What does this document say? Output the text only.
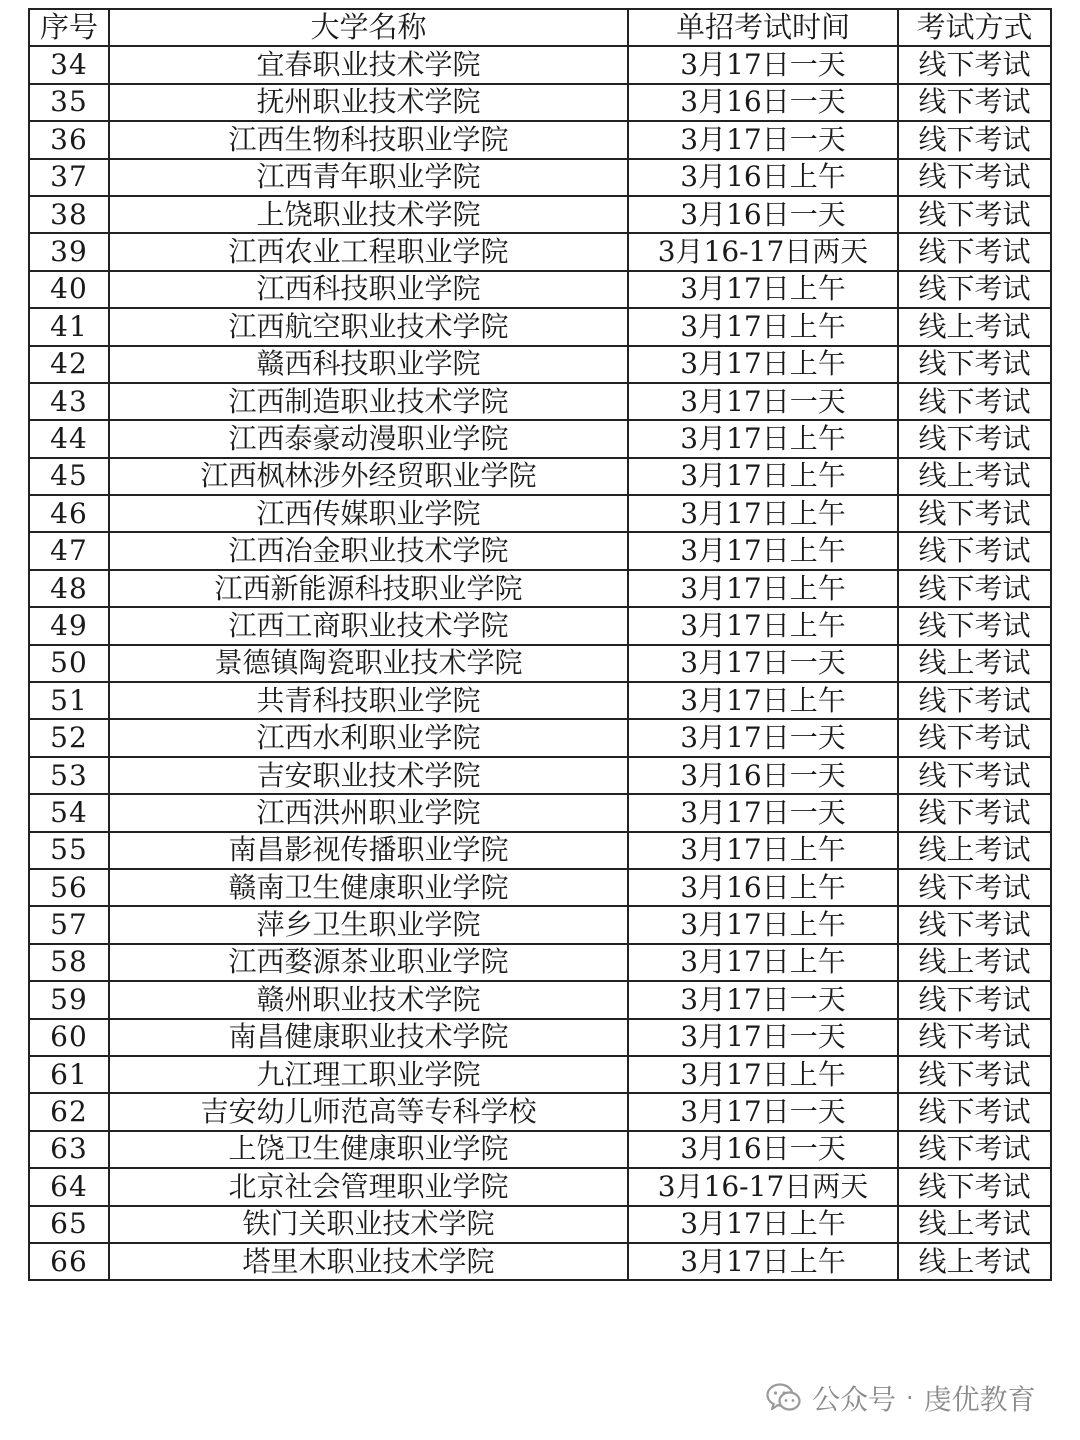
序号	大学名称	单招考试时间	考试方式
34	宜春职业技术学院	3月17日一天	线下考试
35	抚州职业技术学院	3月16日一天	线下考试
36	江西生物科技职业学院	3月17日一天	线下考试
37	江西青年职业学院	3月16日上午	线下考试
38	上饶职业技术学院	3月16日一天	线下考试
39	江西农业工程职业学院	3月16-17日两天	线下考试
40	江西科技职业学院	3月17日上午	线下考试
41	江西航空职业技术学院	3月17日上午	线上考试
42	赣西科技职业学院	3月17日上午	线下考试
43	江西制造职业技术学院	3月17日一天	线下考试
44	江西泰豪动漫职业学院	3月17日上午	线下考试
45	江西枫林涉外经贸职业学院	3月17日上午	线上考试
46	江西传媒职业学院	3月17日上午	线下考试
47	江西冶金职业技术学院	3月17日上午	线下考试
48	江西新能源科技职业学院	3月17日上午	线下考试
49	江西工商职业技术学院	3月17日上午	线下考试
50	景德镇陶瓷职业技术学院	3月17日一天	线上考试
51	共青科技职业学院	3月17日上午	线下考试
52	江西水利职业学院	3月17日一天	线下考试
53	吉安职业技术学院	3月16日一天	线下考试
54	江西洪州职业学院	3月17日一天	线下考试
55	南昌影视传播职业学院	3月17日上午	线上考试
56	赣南卫生健康职业学院	3月16日上午	线下考试
57	萍乡卫生职业学院	3月17日上午	线下考试
58	江西婺源茶业职业学院	3月17日上午	线上考试
59	赣州职业技术学院	3月17日一天	线下考试
60	南昌健康职业技术学院	3月17日一天	线下考试
61	九江理工职业学院	3月17日上午	线下考试
62	吉安幼儿师范高等专科学校	3月17日一天	线下考试
63	上饶卫生健康职业学院	3月16日一天	线下考试
64	北京社会管理职业学院	3月16-17日两天	线下考试
65	铁门关职业技术学院	3月17日上午	线上考试
66	塔里木职业技术学院	3月17日上午	线上考试
公众号 · 虔优教育
